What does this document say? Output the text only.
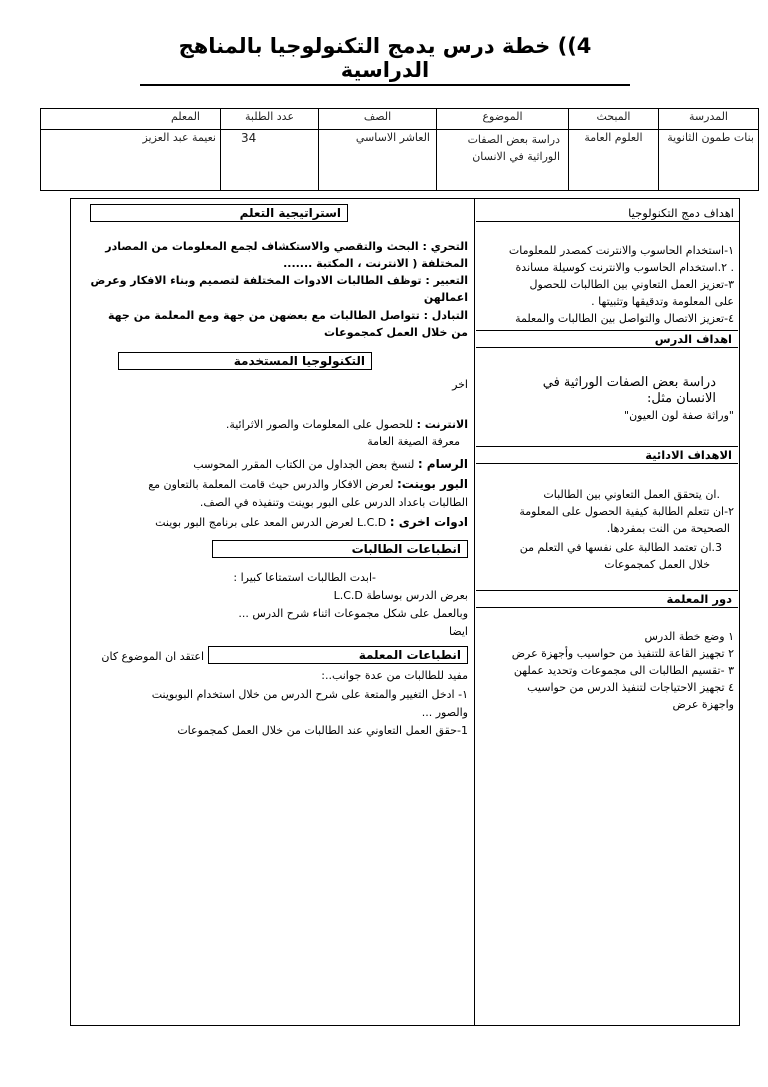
4)) خطة درس يدمج التكنولوجيا بالمناهج الدراسية
المدرسة	المبحث	الموضوع	الصف	عدد الطلبة	المعلم
بنات طمون الثانوية	العلوم العامة	دراسة بعض الصفات الوراثية في الانسان	العاشر الاساسي	34	نعيمة عبد العزيز
اهداف دمج التكنولوجيا
١-استخدام الحاسوب والانترنت كمصدر للمعلومات
. ٢.استخدام الحاسوب والانترنت كوسيلة مساندة
٣-تعزيز العمل التعاوني بين الطالبات للحصول
على المعلومة وتدقيقها وتثبيتها .
٤-تعزيز الاتصال والتواصل بين الطالبات والمعلمة
اهداف الدرس
دراسة بعض الصفات الوراثية في
الانسان مثل:
"وراثة صفة لون العيون"
الاهداف الادائية
.ان يتحقق العمل التعاوني بين الطالبات
٢-ان تتعلم الطالبة كيفية الحصول على المعلومة
الصحيحة من النت بمفردها.
3.ان تعتمد الطالبة على نفسها في التعلم من
خلال العمل كمجموعات
دور المعلمة
١ وضع خطة الدرس
٢ تجهيز القاعة للتنفيذ من حواسيب وأجهزة عرض
٣ -تقسيم الطالبات الى مجموعات وتحديد عملهن
٤ تجهيز الاحتياجات لتنفيذ الدرس من حواسيب
واجهزة عرض
استراتيجية التعلم
التحري : البحث والتقصي والاستكشاف لجمع المعلومات من المصادر
المختلفة ( الانترنت ، المكتبة .......
التعبير : توظف الطالبات الادوات المختلفة لتصميم وبناء الافكار وعرض
اعمالهن
التبادل : تتواصل الطالبات مع بعضهن من جهة ومع المعلمة من جهة
من خلال العمل كمجموعات
التكنولوجيا المستخدمة
اخر
الانترنت : للحصول على المعلومات والصور الاثرائية.
معرفة الصيغة العامة
الرسام : لنسخ بعض الجداول من الكتاب المقرر المحوسب
البور بوينت: لعرض الافكار والدرس حيث قامت المعلمة بالتعاون مع
الطالبات باعداد الدرس على البور بوينت وتنفيذه في الصف.
ادوات اخرى : L.C.D لعرض الدرس المعد على برنامج البور بوينت
انطباعات الطالبات
-ابدت الطالبات استمتاعا كبيرا :
بعرض الدرس بوساطة L.C.D
وبالعمل على شكل مجموعات اثناء شرح الدرس ...
ايضا
انطباعات المعلمة
اعتقد ان الموضوع كان
مفيد للطالبات من عدة جوانب..:
١- ادخل التغيير والمتعة على شرح الدرس من خلال استخدام البوبوينت
والصور ...
1-حقق العمل التعاوني عند الطالبات من خلال العمل كمجموعات
